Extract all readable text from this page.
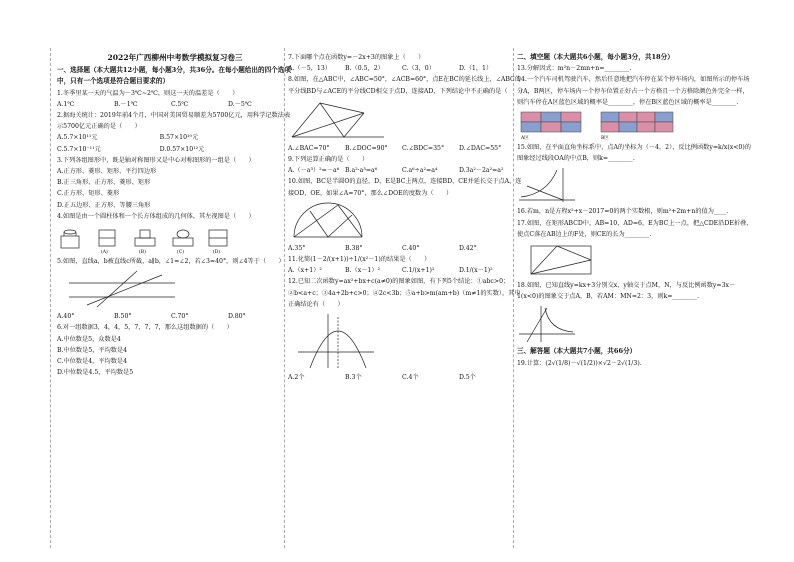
2022年广西柳州中考数学模拟复习卷三
一、选择题（本大题共12小题，每小题3分，共36分。在每小题给出的四个选项中，只有一个选项是符合题目要求的）
1.冬季里某一天的气温为－3℃~2℃，则这一天的温差是（　　）
A.1℃	B.－1℃	C.5℃	D.－5℃
2.据海关统计：2019年前4个月，中国对美国贸易顺差为5700亿元，用科学记数法表示5700亿元正确的是（　　）
A.5.7×10¹¹元	B.57×10¹⁰元
C.5.7×10⁻¹¹元	D.0.57×10¹²元
3.下列各组图形中，既是轴对称图形又是中心对称图形的一组是（　　）
A.正方形、菱形、矩形、平行四边形
B.正三角形、正方形、菱形、矩形
C.正方形、矩形、菱形
D.正五边形、正方形、等腰三角形
4.如图是由一个圆柱体和一个长方体组成的几何体，其左视图是（　　）
(A)	(B)	(C)	(D)
5.如图，直线a，b被直线c所截，a∥b，∠1=∠2，若∠3=40°，则∠4等于（　　）
A.40°	B.50°	C.70°	D.80°
6.对一组数据3，4，4，5，7，7，7，那么这组数据的（　　）
A.中位数是5，众数是4
B.中位数是5，平均数是4
C.中位数是4，平均数是4
D.中位数是4.5，平均数是5
7.下面哪个点在函数y=－2x+3的图象上（　　）
A.（－5，13）	B.（0.5，2）	C.（3，0）	D.（1，1）
8.如图，在△ABC中，∠ABC=50°，∠ACB=60°，点E在BC的延长线上，∠ABC的平分线BD与∠ACE的平分线CD相交于点D，连接AD，下列结论中不正确的是（　　）
A.∠BAC=70°	B.∠DOC=90°	C.∠BDC=35°	D.∠DAC=55°
9.下列运算正确的是（　　）
A.（－a³）²=－a⁶ B.a²·a³=a⁶	C.a⁶÷a²=a⁴	D.3a²－2a²=a²
10.如图，BC是半圆O的直径，D，E是BC上两点，连接BD，CE并延长交于点A，连接OD，OE，如果∠A=70°，那么∠DOE的度数为（　　）
A.35°	B.38°	C.40°	D.42°
11.化简(1－2/(x+1))÷1/(x²－1)的结果是（　　）
A.（x+1）²	B.（x－1）²	C.1/(x+1)²	D.1/(x－1)²
12.已知二次函数y=ax²+bx+c(a≠0)的图象如图，有下列5个结论：①abc>0；②b<a+c；③4a+2b+c>0；④2c<3b；⑤a+b>m(am+b)（m≠1的实数），其中正确结论有（　　）
A.2个	B.3个	C.4个	D.5个
二、填空题（本大题共6小题，每小题3分，共18分）
13.分解因式：m²n－2mn+n=________.
14.一个汽车司机驾驶汽车，然后任意地把汽车停在某个停车场内，如图所示的停车场分A，B两区，停车场内一个停车位置正好占一个方格且一个方格除颜色外完全一样，则汽车停在A区蓝色区域的概率是________，停在B区蓝色区域的概率是________.
A区	B区
15.如图，在平面直角坐标系中，点A的坐标为（－4，2），反比例函数y=k/x(x<0)的图象经过线段OA的中点B，则k=________.
16.若m，n是方程x²+x－2017=0的两个实数根，则m²+2m+n的值为____.
17.如图，在矩形ABCD中，AB=10，AD=6，E为BC上一点，把△CDE沿DE折叠，使点C落在AB边上的F处，则CE的长为________.
18.如图，已知直线y=kx+3分别交x，y轴交于点M，N，与反比例函数y=3x－1(x<0)的图象交于点A，B，若AM：MN=2：3，则k=________.
三、解答题（本大题共7小题，共66分）
19.计算：(2√(1/8)－√(1/2))×√2－2√(1/3).
